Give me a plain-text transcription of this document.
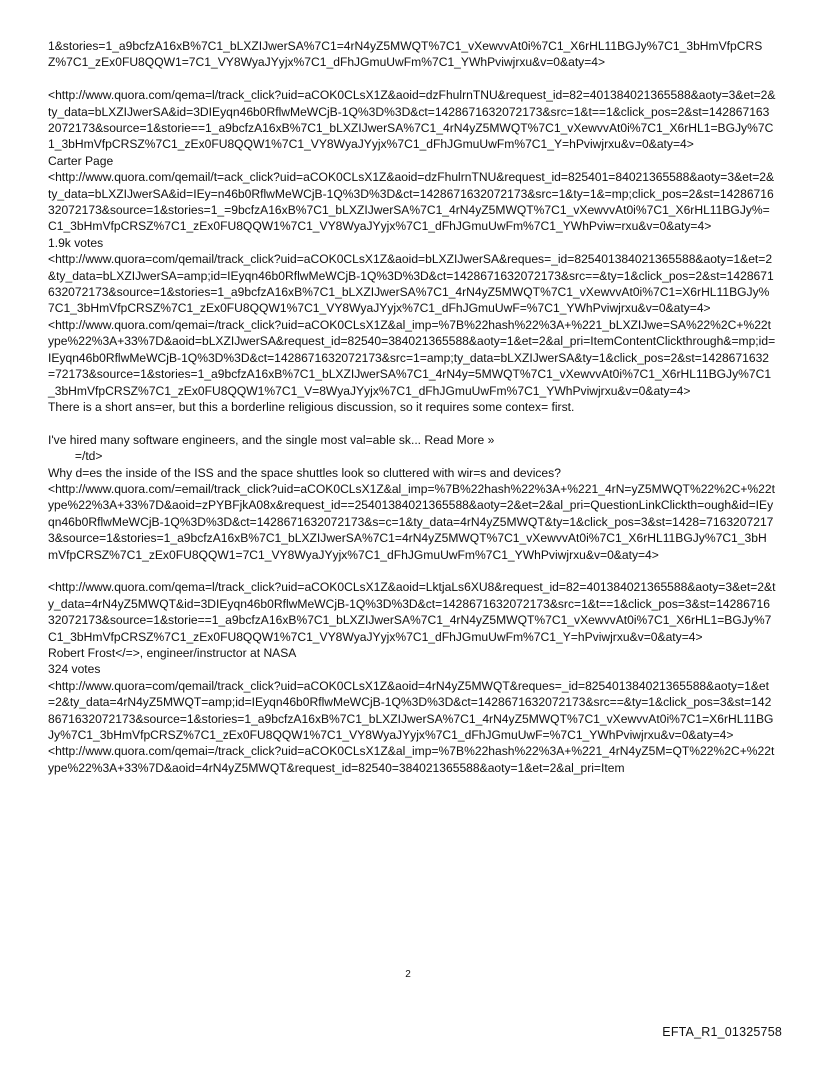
1&stories=1_a9bcfzA16xB%7C1_bLXZIJwerSA%7C1=4rN4yZ5MWQT%7C1_vXewvvAt0i%7C1_X6rHL11BGJy%7C1_3bHmVfpCRSZ%7C1_zEx0FU8QQW1=7C1_VY8WyaJYyjx%7C1_dFhJGmuUwFm%7C1_YWhPviwjrxu&v=0&aty=4>
<http://www.quora.com/qema=l/track_click?uid=aCOK0CLsX1Z&aoid=dzFhulrnTNU&request_id=82=401384021365588&aoty=3&et=2&ty_data=bLXZIJwerSA&id=3DIEyqn46b0RflwMeWCjB-1Q%3D%3D&ct=1428671632072173&src=1&t==1&click_pos=2&st=1428671632072173&source=1&storie==1_a9bcfzA16xB%7C1_bLXZIJwerSA%7C1_4rN4yZ5MWQT%7C1_vXewvvAt0i%7C1_X6rHL1=BGJy%7C1_3bHmVfpCRSZ%7C1_zEx0FU8QQW1%7C1_VY8WyaJYyjx%7C1_dFhJGmuUwFm%7C1_Y=hPviwjrxu&v=0&aty=4>
Carter Page
<http://www.quora.com/qemail/t=ack_click?uid=aCOK0CLsX1Z&aoid=dzFhulrnTNU&request_id=825401=84021365588&aoty=3&et=2&ty_data=bLXZIJwerSA&id=IEy=n46b0RflwMeWCjB-1Q%3D%3D&ct=1428671632072173&src=1&ty=1&=mp;click_pos=2&st=1428671632072173&source=1&stories=1_=9bcfzA16xB%7C1_bLXZIJwerSA%7C1_4rN4yZ5MWQT%7C1_vXewvvAt0i%7C1_X6rHL11BGJy%=C1_3bHmVfpCRSZ%7C1_zEx0FU8QQW1%7C1_VY8WyaJYyjx%7C1_dFhJGmuUwFm%7C1_YWhPviw=rxu&v=0&aty=4>
1.9k votes
<http://www.quora=com/qemail/track_click?uid=aCOK0CLsX1Z&aoid=bLXZIJwerSA&reques=_id=825401384021365588&aoty=1&et=2&ty_data=bLXZIJwerSA=amp;id=IEyqn46b0RflwMeWCjB-1Q%3D%3D&ct=1428671632072173&src==&ty=1&click_pos=2&st=1428671632072173&source=1&stories=1_a9bcfzA16xB%7C1_bLXZIJwerSA%7C1_4rN4yZ5MWQT%7C1_vXewvvAt0i%7C1=X6rHL11BGJy%7C1_3bHmVfpCRSZ%7C1_zEx0FU8QQW1%7C1_VY8WyaJYyjx%7C1_dFhJGmuUwF=%7C1_YWhPviwjrxu&v=0&aty=4>
<http://www.quora.com/qemai=/track_click?uid=aCOK0CLsX1Z&al_imp=%7B%22hash%22%3A+%221_bLXZIJwe=SA%22%2C+%22type%22%3A+33%7D&aoid=bLXZIJwerSA&request_id=82540=384021365588&aoty=1&et=2&al_pri=ItemContentClickthrough&=mp;id=IEyqn46b0RflwMeWCjB-1Q%3D%3D&ct=1428671632072173&src=1=amp;ty_data=bLXZIJwerSA&ty=1&click_pos=2&st=1428671632=72173&source=1&stories=1_a9bcfzA16xB%7C1_bLXZIJwerSA%7C1_4rN4y=5MWQT%7C1_vXewvvAt0i%7C1_X6rHL11BGJy%7C1_3bHmVfpCRSZ%7C1_zEx0FU8QQW1%7C1_V=8WyaJYyjx%7C1_dFhJGmuUwFm%7C1_YWhPviwjrxu&v=0&aty=4>
There is a short ans=er, but this a borderline religious discussion, so it requires some contex= first.
I've hired many software engineers, and the single most val=able sk... Read More »
=/td>
Why d=es the inside of the ISS and the space shuttles look so cluttered with wir=s and devices?
<http://www.quora.com/=email/track_click?uid=aCOK0CLsX1Z&al_imp=%7B%22hash%22%3A+%221_4rN=yZ5MWQT%22%2C+%22type%22%3A+33%7D&aoid=zPYBFjkA08x&request_id==25401384021365588&aoty=2&et=2&al_pri=QuestionLinkClickth=ough&id=IEyqn46b0RflwMeWCjB-1Q%3D%3D&ct=1428671632072173&s=c=1&ty_data=4rN4yZ5MWQT&ty=1&click_pos=3&st=1428=71632072173&source=1&stories=1_a9bcfzA16xB%7C1_bLXZIJwerSA%7C1=4rN4yZ5MWQT%7C1_vXewvvAt0i%7C1_X6rHL11BGJy%7C1_3bHmVfpCRSZ%7C1_zEx0FU8QQW1=7C1_VY8WyaJYyjx%7C1_dFhJGmuUwFm%7C1_YWhPviwjrxu&v=0&aty=4>
<http://www.quora.com/qema=l/track_click?uid=aCOK0CLsX1Z&aoid=LktjaLs6XU8&request_id=82=401384021365588&aoty=3&et=2&ty_data=4rN4yZ5MWQT&id=3DIEyqn46b0RflwMeWCjB-1Q%3D%3D&ct=1428671632072173&src=1&t==1&click_pos=3&st=1428671632072173&source=1&storie==1_a9bcfzA16xB%7C1_bLXZIJwerSA%7C1_4rN4yZ5MWQT%7C1_vXewvvAt0i%7C1_X6rHL1=BGJy%7C1_3bHmVfpCRSZ%7C1_zEx0FU8QQW1%7C1_VY8WyaJYyjx%7C1_dFhJGmuUwFm%7C1_Y=hPviwjrxu&v=0&aty=4>
Robert Frost</=>, engineer/instructor at NASA
324 votes
<http://www.quora=com/qemail/track_click?uid=aCOK0CLsX1Z&aoid=4rN4yZ5MWQT&reques=_id=825401384021365588&aoty=1&et=2&ty_data=4rN4yZ5MWQT=amp;id=IEyqn46b0RflwMeWCjB-1Q%3D%3D&ct=1428671632072173&src==&ty=1&click_pos=3&st=1428671632072173&source=1&stories=1_a9bcfzA16xB%7C1_bLXZIJwerSA%7C1_4rN4yZ5MWQT%7C1_vXewvvAt0i%7C1=X6rHL11BGJy%7C1_3bHmVfpCRSZ%7C1_zEx0FU8QQW1%7C1_VY8WyaJYyjx%7C1_dFhJGmuUwF=%7C1_YWhPviwjrxu&v=0&aty=4>
<http://www.quora.com/qemai=/track_click?uid=aCOK0CLsX1Z&al_imp=%7B%22hash%22%3A+%221_4rN4yZ5M=QT%22%2C+%22type%22%3A+33%7D&aoid=4rN4yZ5MWQT&request_id=82540=384021365588&aoty=1&et=2&al_pri=Item
2
EFTA_R1_01325758
